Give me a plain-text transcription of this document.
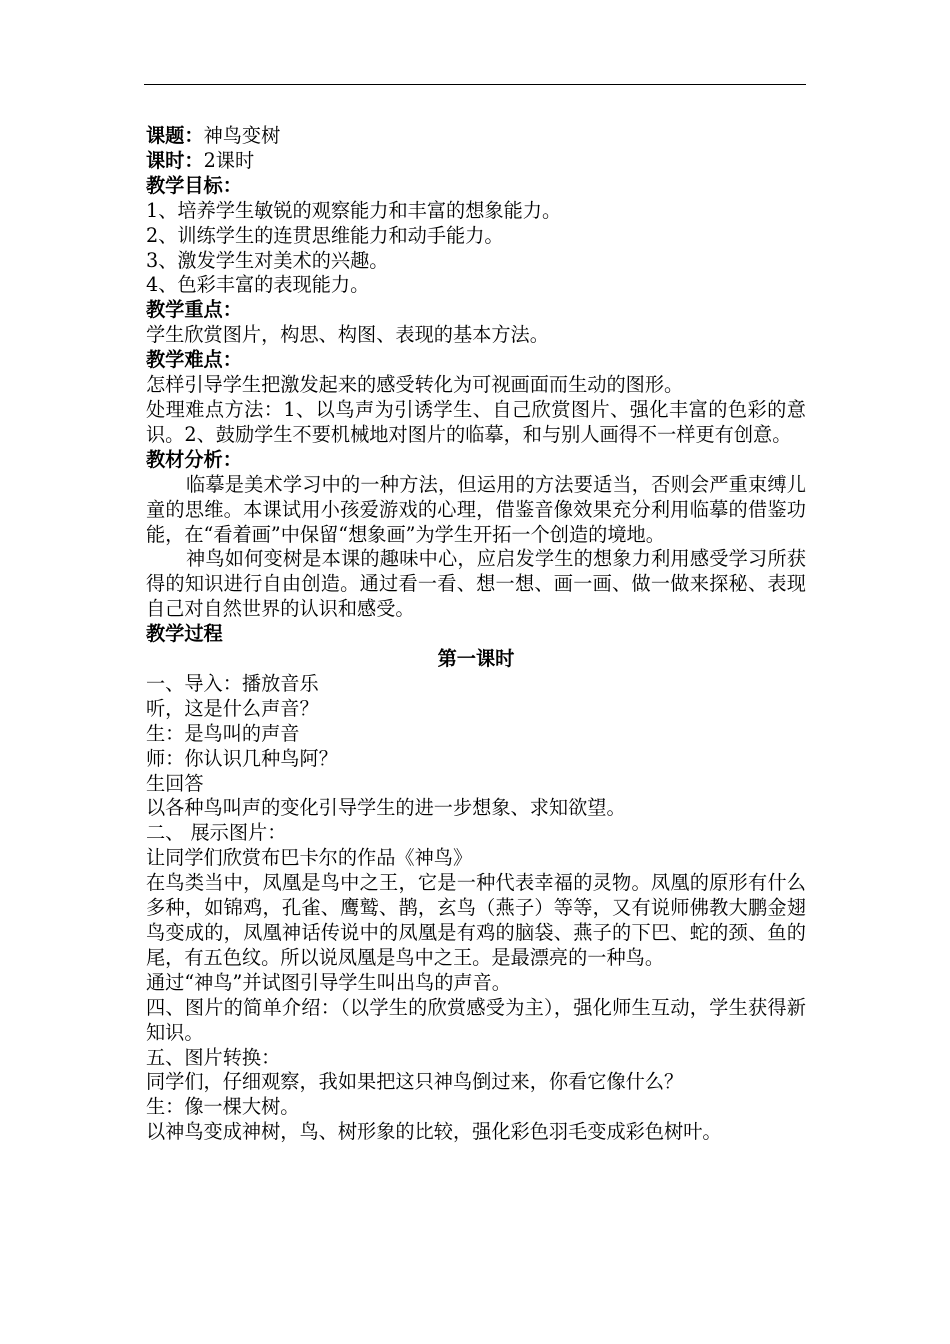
课题：神鸟变树

课时：2课时

教学目标：

1、培养学生敏锐的观察能力和丰富的想象能力。

2、训练学生的连贯思维能力和动手能力。

3、激发学生对美术的兴趣。

4、色彩丰富的表现能力。

教学重点：

学生欣赏图片，构思、构图、表现的基本方法。

教学难点：

怎样引导学生把激发起来的感受转化为可视画面而生动的图形。

处理难点方法：1、以鸟声为引诱学生、自己欣赏图片、强化丰富的色彩的意识。2、鼓励学生不要机械地对图片的临摹，和与别人画得不一样更有创意。

教材分析：

临摹是美术学习中的一种方法，但运用的方法要适当，否则会严重束缚儿童的思维。本课试用小孩爱游戏的心理，借鉴音像效果充分利用临摹的借鉴功能，在“看着画”中保留“想象画”为学生开拓一个创造的境地。

神鸟如何变树是本课的趣味中心，应启发学生的想象力利用感受学习所获得的知识进行自由创造。通过看一看、想一想、画一画、做一做来探秘、表现自己对自然世界的认识和感受。

教学过程

第一课时

一、导入：播放音乐

听，这是什么声音？

生：是鸟叫的声音

师：你认识几种鸟阿？

生回答

以各种鸟叫声的变化引导学生的进一步想象、求知欲望。

二、 展示图片：

让同学们欣赏布巴卡尔的作品《神鸟》

在鸟类当中，凤凰是鸟中之王，它是一种代表幸福的灵物。凤凰的原形有什么多种，如锦鸡，孔雀、鹰鹫、鹊，玄鸟（燕子）等等，又有说师佛教大鹏金翅鸟变成的，凤凰神话传说中的凤凰是有鸡的脑袋、燕子的下巴、蛇的颈、鱼的尾，有五色纹。所以说凤凰是鸟中之王。是最漂亮的一种鸟。

通过“神鸟”并试图引导学生叫出鸟的声音。

四、图片的简单介绍：（以学生的欣赏感受为主），强化师生互动，学生获得新知识。

五、图片转换：

同学们，仔细观察，我如果把这只神鸟倒过来，你看它像什么？

生：像一棵大树。

以神鸟变成神树，鸟、树形象的比较，强化彩色羽毛变成彩色树叶。
